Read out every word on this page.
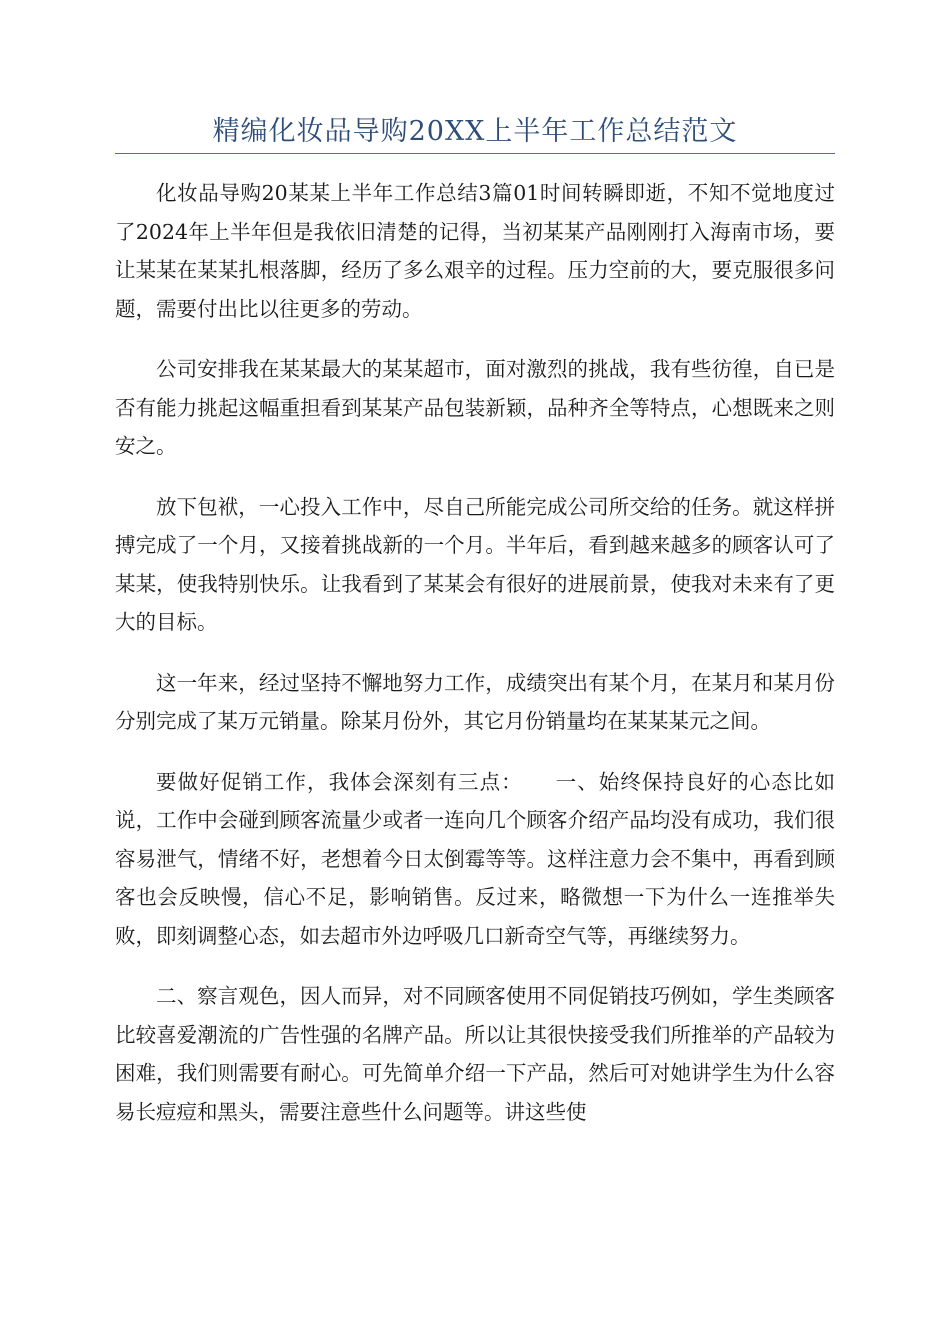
精编化妆品导购20XX上半年工作总结范文

化妆品导购20某某上半年工作总结3篇01时间转瞬即逝，不知不觉地度过了2024年上半年但是我依旧清楚的记得，当初某某产品刚刚打入海南市场，要让某某在某某扎根落脚，经历了多么艰辛的过程。压力空前的大，要克服很多问题，需要付出比以往更多的劳动。

公司安排我在某某最大的某某超市，面对激烈的挑战，我有些彷徨，自已是否有能力挑起这幅重担看到某某产品包装新颖，品种齐全等特点，心想既来之则安之。

放下包袱，一心投入工作中，尽自己所能完成公司所交给的任务。就这样拼搏完成了一个月，又接着挑战新的一个月。半年后，看到越来越多的顾客认可了某某，使我特别快乐。让我看到了某某会有很好的进展前景，使我对未来有了更大的目标。

这一年来，经过坚持不懈地努力工作，成绩突出有某个月，在某月和某月份分别完成了某万元销量。除某月份外，其它月份销量均在某某某元之间。

要做好促销工作，我体会深刻有三点：　　一、始终保持良好的心态比如说，工作中会碰到顾客流量少或者一连向几个顾客介绍产品均没有成功，我们很容易泄气，情绪不好，老想着今日太倒霉等等。这样注意力会不集中，再看到顾客也会反映慢，信心不足，影响销售。反过来，略微想一下为什么一连推举失败，即刻调整心态，如去超市外边呼吸几口新奇空气等，再继续努力。

二、察言观色，因人而异，对不同顾客使用不同促销技巧例如，学生类顾客比较喜爱潮流的广告性强的名牌产品。所以让其很快接受我们所推举的产品较为困难，我们则需要有耐心。可先简单介绍一下产品，然后可对她讲学生为什么容易长痘痘和黑头，需要注意些什么问题等。讲这些使
